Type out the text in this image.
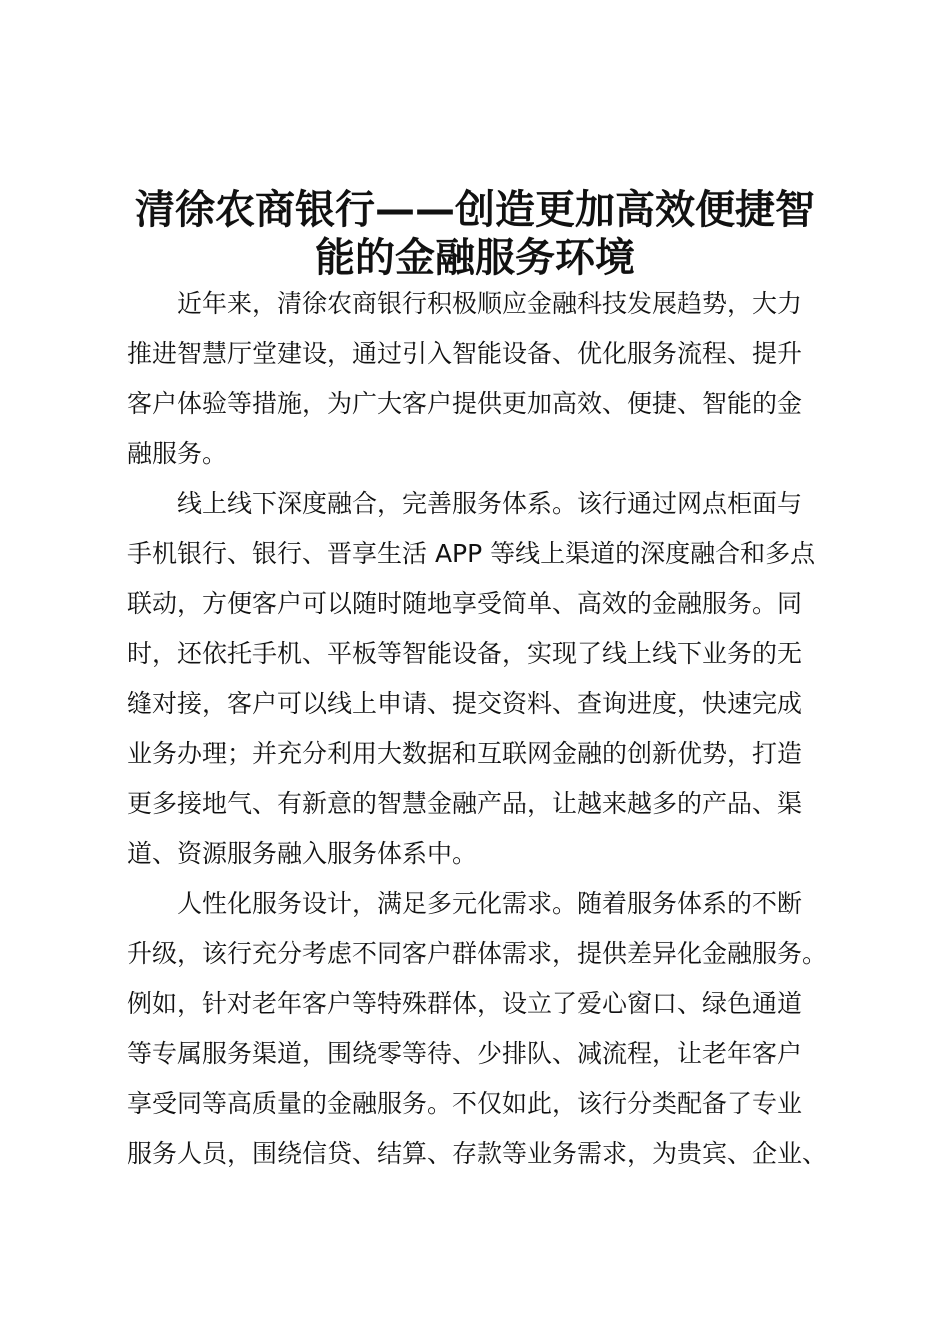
清徐农商银行——创造更加高效便捷智
能的金融服务环境
近年来，清徐农商银行积极顺应金融科技发展趋势，大力
推进智慧厅堂建设，通过引入智能设备、优化服务流程、提升
客户体验等措施，为广大客户提供更加高效、便捷、智能的金
融服务。
线上线下深度融合，完善服务体系。该行通过网点柜面与
手机银行、银行、晋享生活 APP 等线上渠道的深度融合和多点
联动，方便客户可以随时随地享受简单、高效的金融服务。同
时，还依托手机、平板等智能设备，实现了线上线下业务的无
缝对接，客户可以线上申请、提交资料、查询进度，快速完成
业务办理；并充分利用大数据和互联网金融的创新优势，打造
更多接地气、有新意的智慧金融产品，让越来越多的产品、渠
道、资源服务融入服务体系中。
人性化服务设计，满足多元化需求。随着服务体系的不断
升级，该行充分考虑不同客户群体需求，提供差异化金融服务。
例如，针对老年客户等特殊群体，设立了爱心窗口、绿色通道
等专属服务渠道，围绕零等待、少排队、减流程，让老年客户
享受同等高质量的金融服务。不仅如此，该行分类配备了专业
服务人员，围绕信贷、结算、存款等业务需求，为贵宾、企业、
